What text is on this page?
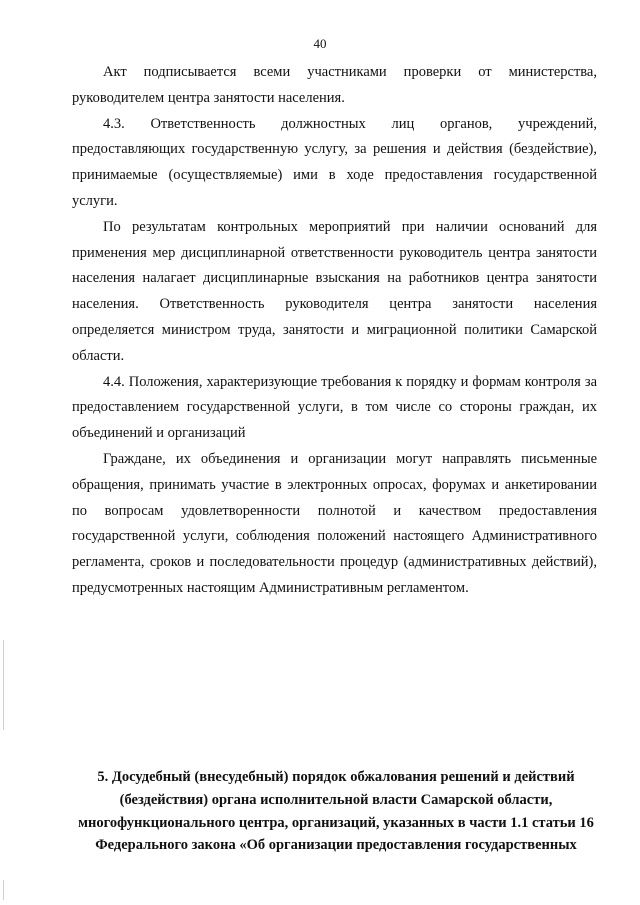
40

Акт подписывается всеми участниками проверки от министерства, руководителем центра занятости населения.

4.3. Ответственность должностных лиц органов, учреждений, предоставляющих государственную услугу, за решения и действия (бездействие), принимаемые (осуществляемые) ими в ходе предоставления государственной услуги.

По результатам контрольных мероприятий при наличии оснований для применения мер дисциплинарной ответственности руководитель центра занятости населения налагает дисциплинарные взыскания на работников центра занятости населения. Ответственность руководителя центра занятости населения определяется министром труда, занятости и миграционной политики Самарской области.

4.4. Положения, характеризующие требования к порядку и формам контроля за предоставлением государственной услуги, в том числе со стороны граждан, их объединений и организаций

Граждане, их объединения и организации могут направлять письменные обращения, принимать участие в электронных опросах, форумах и анкетировании по вопросам удовлетворенности полнотой и качеством предоставления государственной услуги, соблюдения положений настоящего Административного регламента, сроков и последовательности процедур (административных действий), предусмотренных настоящим Административным регламентом.

5. Досудебный (внесудебный) порядок обжалования решений и действий (бездействия) органа исполнительной власти Самарской области, многофункционального центра, организаций, указанных в части 1.1 статьи 16 Федерального закона «Об организации предоставления государственных
